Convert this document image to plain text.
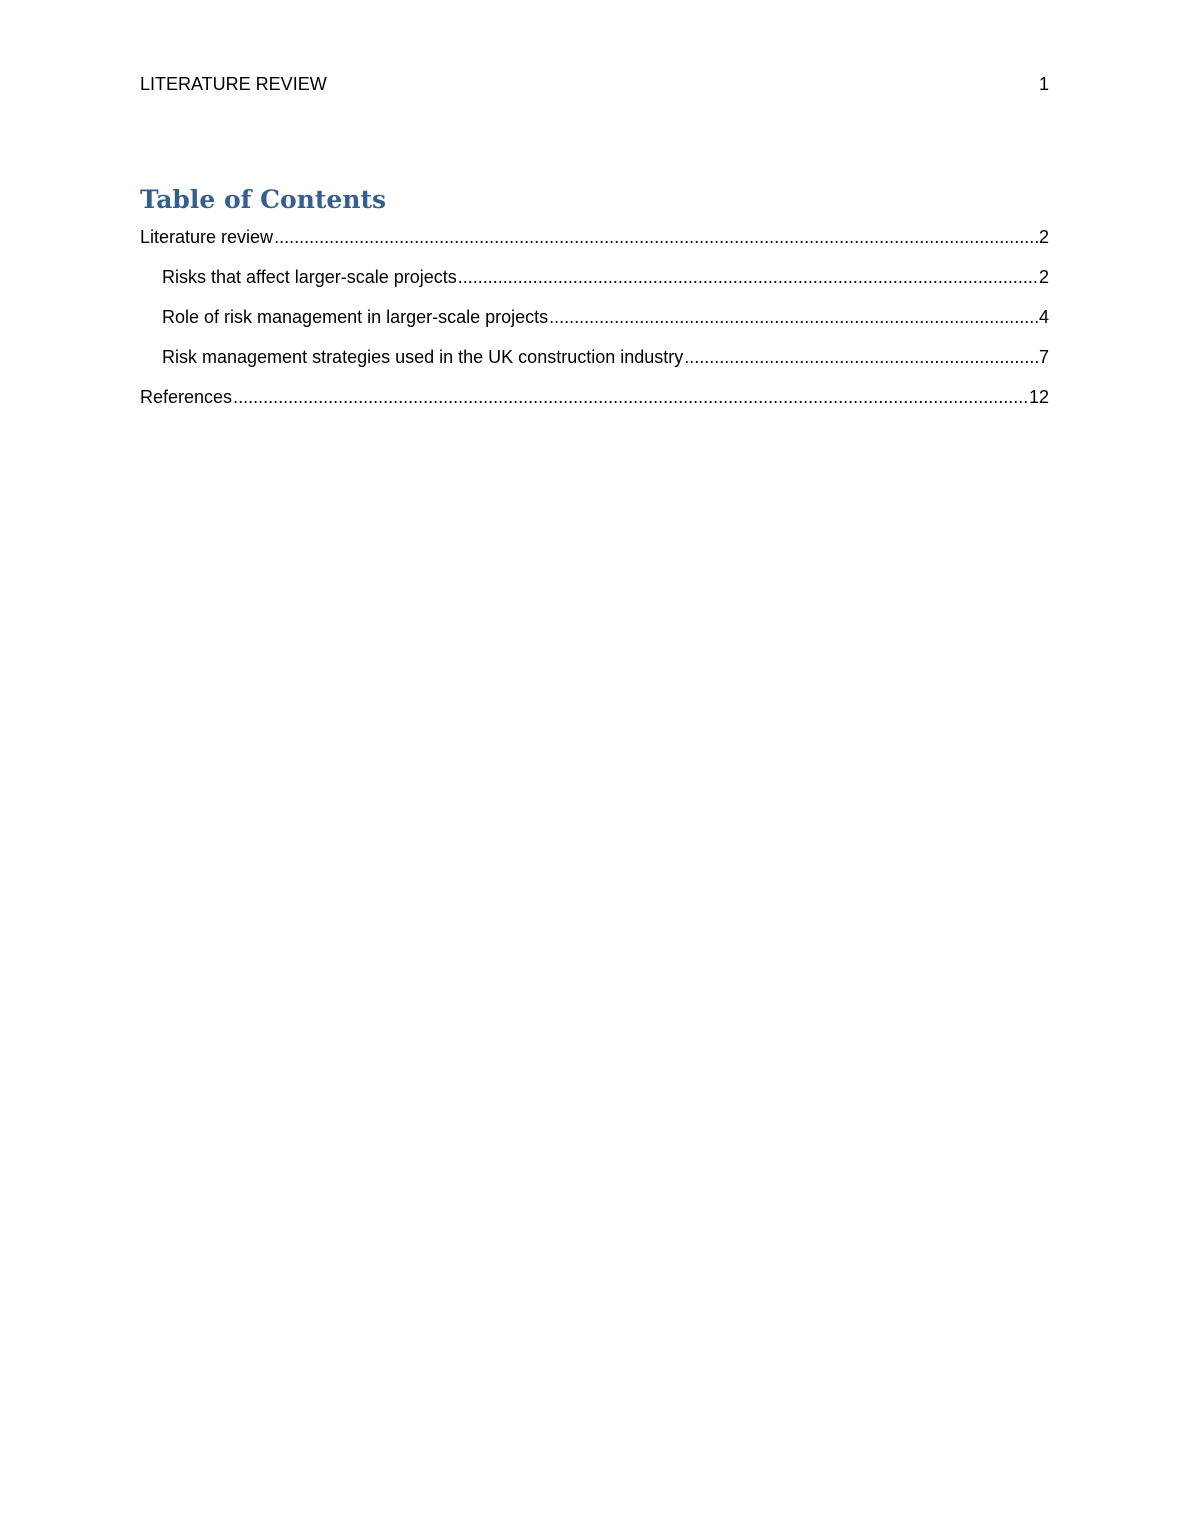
LITERATURE REVIEW	1
Table of Contents
Literature review .....	2
Risks that affect larger-scale projects .....	2
Role of risk management in larger-scale projects .....	4
Risk management strategies used in the UK construction industry .....	7
References .....	12
